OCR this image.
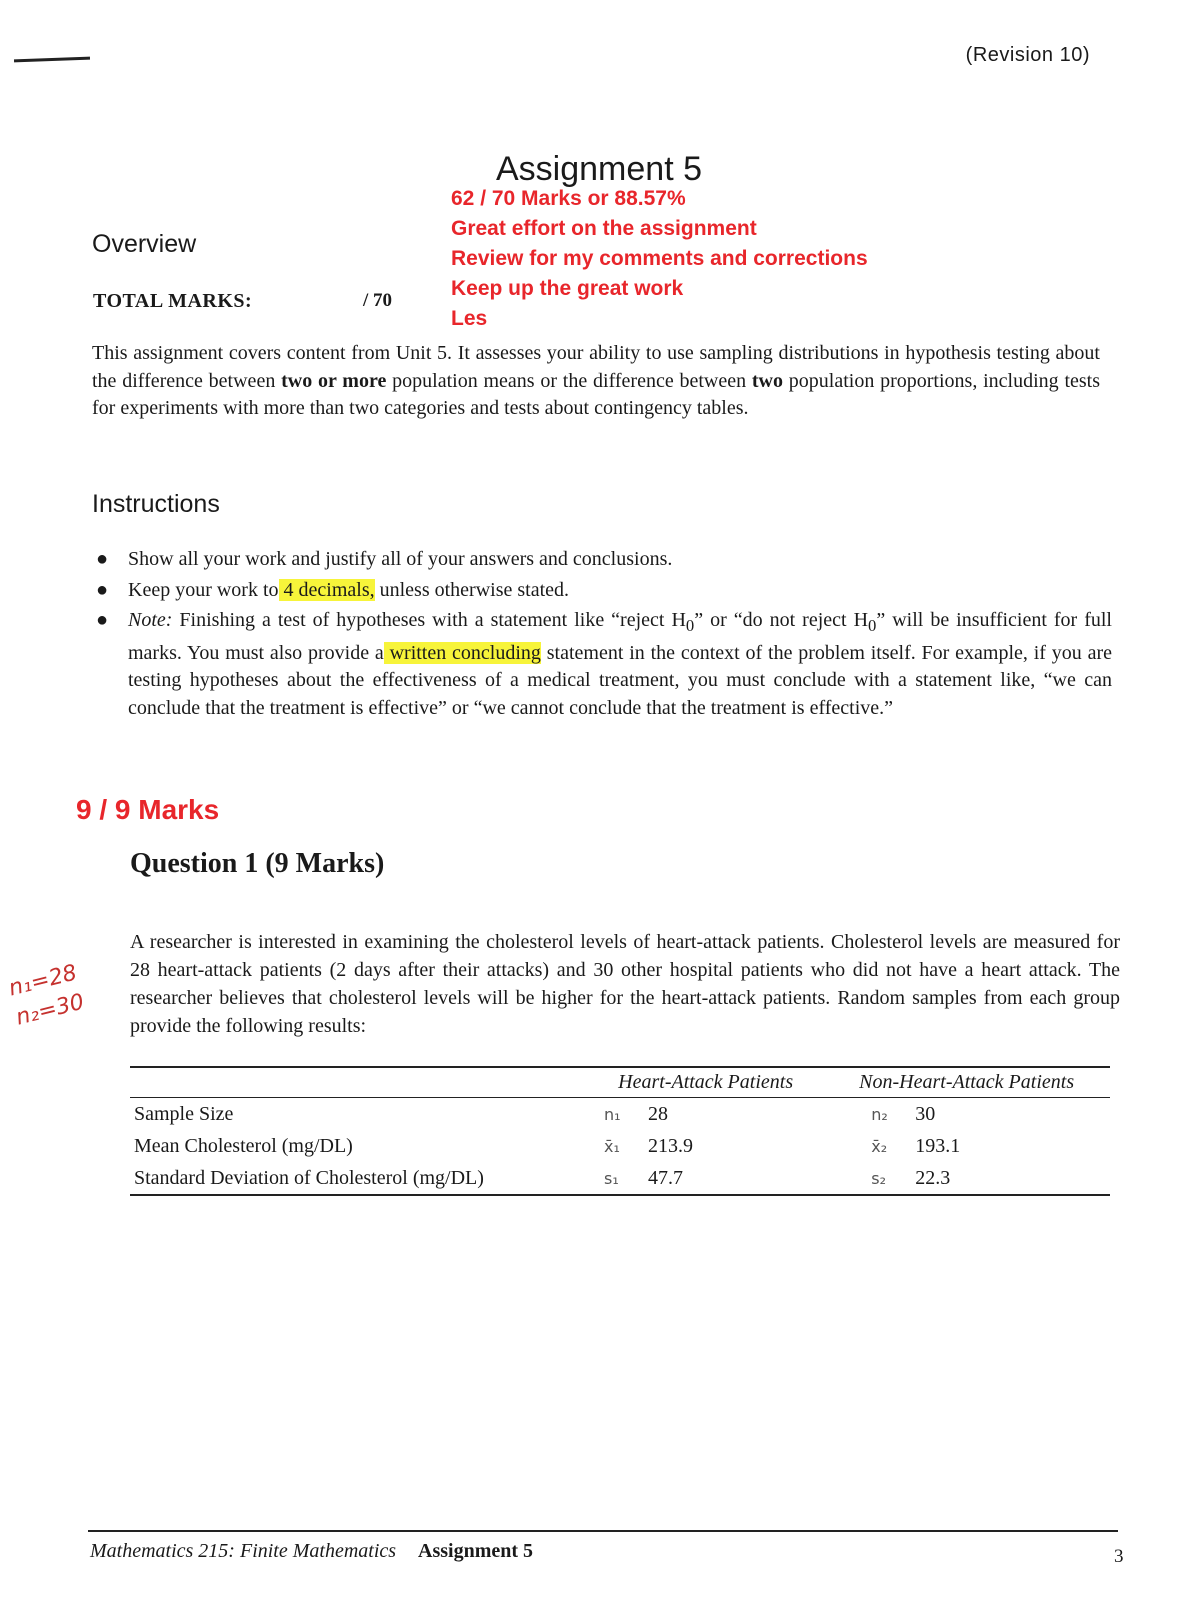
(Revision 10)
Assignment 5
62 / 70 Marks or 88.57%
Great effort on the assignment
Review for my comments and corrections
Keep up the great work
Les
Overview
TOTAL MARKS:	/ 70
This assignment covers content from Unit 5. It assesses your ability to use sampling distributions in hypothesis testing about the difference between two or more population means or the difference between two population proportions, including tests for experiments with more than two categories and tests about contingency tables.
Instructions
● Show all your work and justify all of your answers and conclusions.
● Keep your work to 4 decimals, unless otherwise stated.
● Note: Finishing a test of hypotheses with a statement like “reject $H_0$” or “do not reject $H_0$” will be insufficient for full marks. You must also provide a written concluding statement in the context of the problem itself. For example, if you are testing hypotheses about the effectiveness of a medical treatment, you must conclude with a statement like, “we can conclude that the treatment is effective” or “we cannot conclude that the treatment is effective.”
9 / 9 Marks
Question 1 (9 Marks)
n₁=28
n₂=30
A researcher is interested in examining the cholesterol levels of heart-attack patients. Cholesterol levels are measured for 28 heart-attack patients (2 days after their attacks) and 30 other hospital patients who did not have a heart attack. The researcher believes that cholesterol levels will be higher for the heart-attack patients. Random samples from each group provide the following results:
	Heart-Attack Patients	Non-Heart-Attack Patients
Sample Size	n₁ 28	n₂ 30
Mean Cholesterol (mg/DL)	x̄₁ 213.9	x̄₂ 193.1
Standard Deviation of Cholesterol (mg/DL)	s₁ 47.7	s₂ 22.3
Mathematics 215: Finite Mathematics Assignment 5	3
